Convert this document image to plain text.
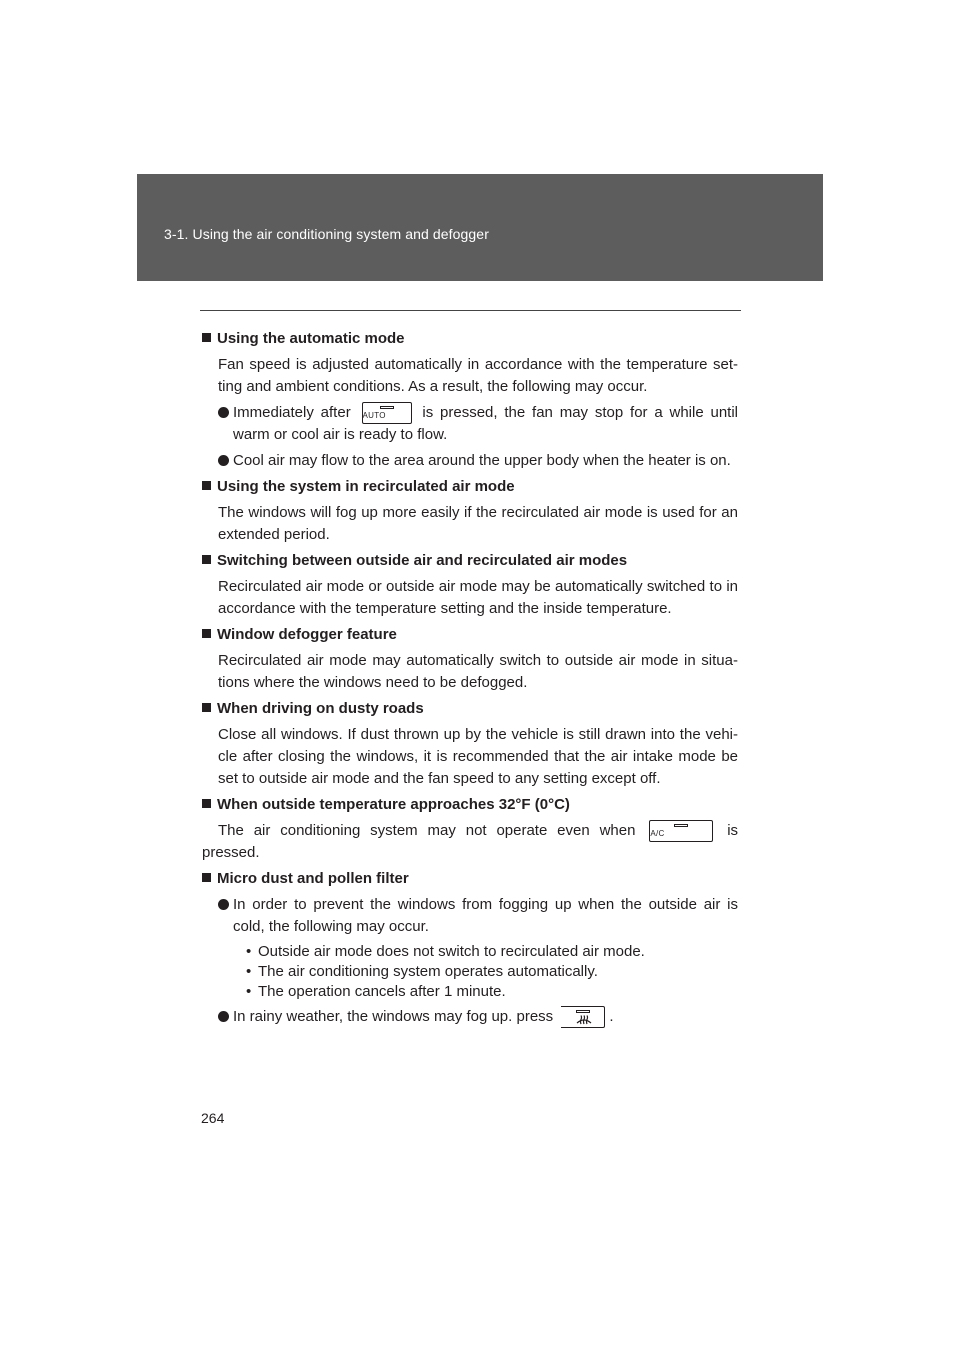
3-1. Using the air conditioning system and defogger
Using the automatic mode
Fan speed is adjusted automatically in accordance with the temperature set-ting and ambient conditions. As a result, the following may occur.
Immediately after AUTO	is pressed, the fan may stop for a while until warm or cool air is ready to flow.
Cool air may flow to the area around the upper body when the heater is on.
Using the system in recirculated air mode
The windows will fog up more easily if the recirculated air mode is used for an extended period.
Switching between outside air and recirculated air modes
Recirculated air mode or outside air mode may be automatically switched to in accordance with the temperature setting and the inside temperature.
Window defogger feature
Recirculated air mode may automatically switch to outside air mode in situa-tions where the windows need to be defogged.
When driving on dusty roads
Close all windows. If dust thrown up by the vehicle is still drawn into the vehi-cle after closing the windows, it is recommended that the air intake mode be set to outside air mode and the fan speed to any setting except off.
When outside temperature approaches 32°F (0°C)
The air conditioning system may not operate even when A/C	is
pressed.
Micro dust and pollen filter
In order to prevent the windows from fogging up when the outside air is cold, the following may occur.
• Outside air mode does not switch to recirculated air mode.
• The air conditioning system operates automatically.
• The operation cancels after 1 minute.
In rainy weather, the windows may fog up. press	.
264
